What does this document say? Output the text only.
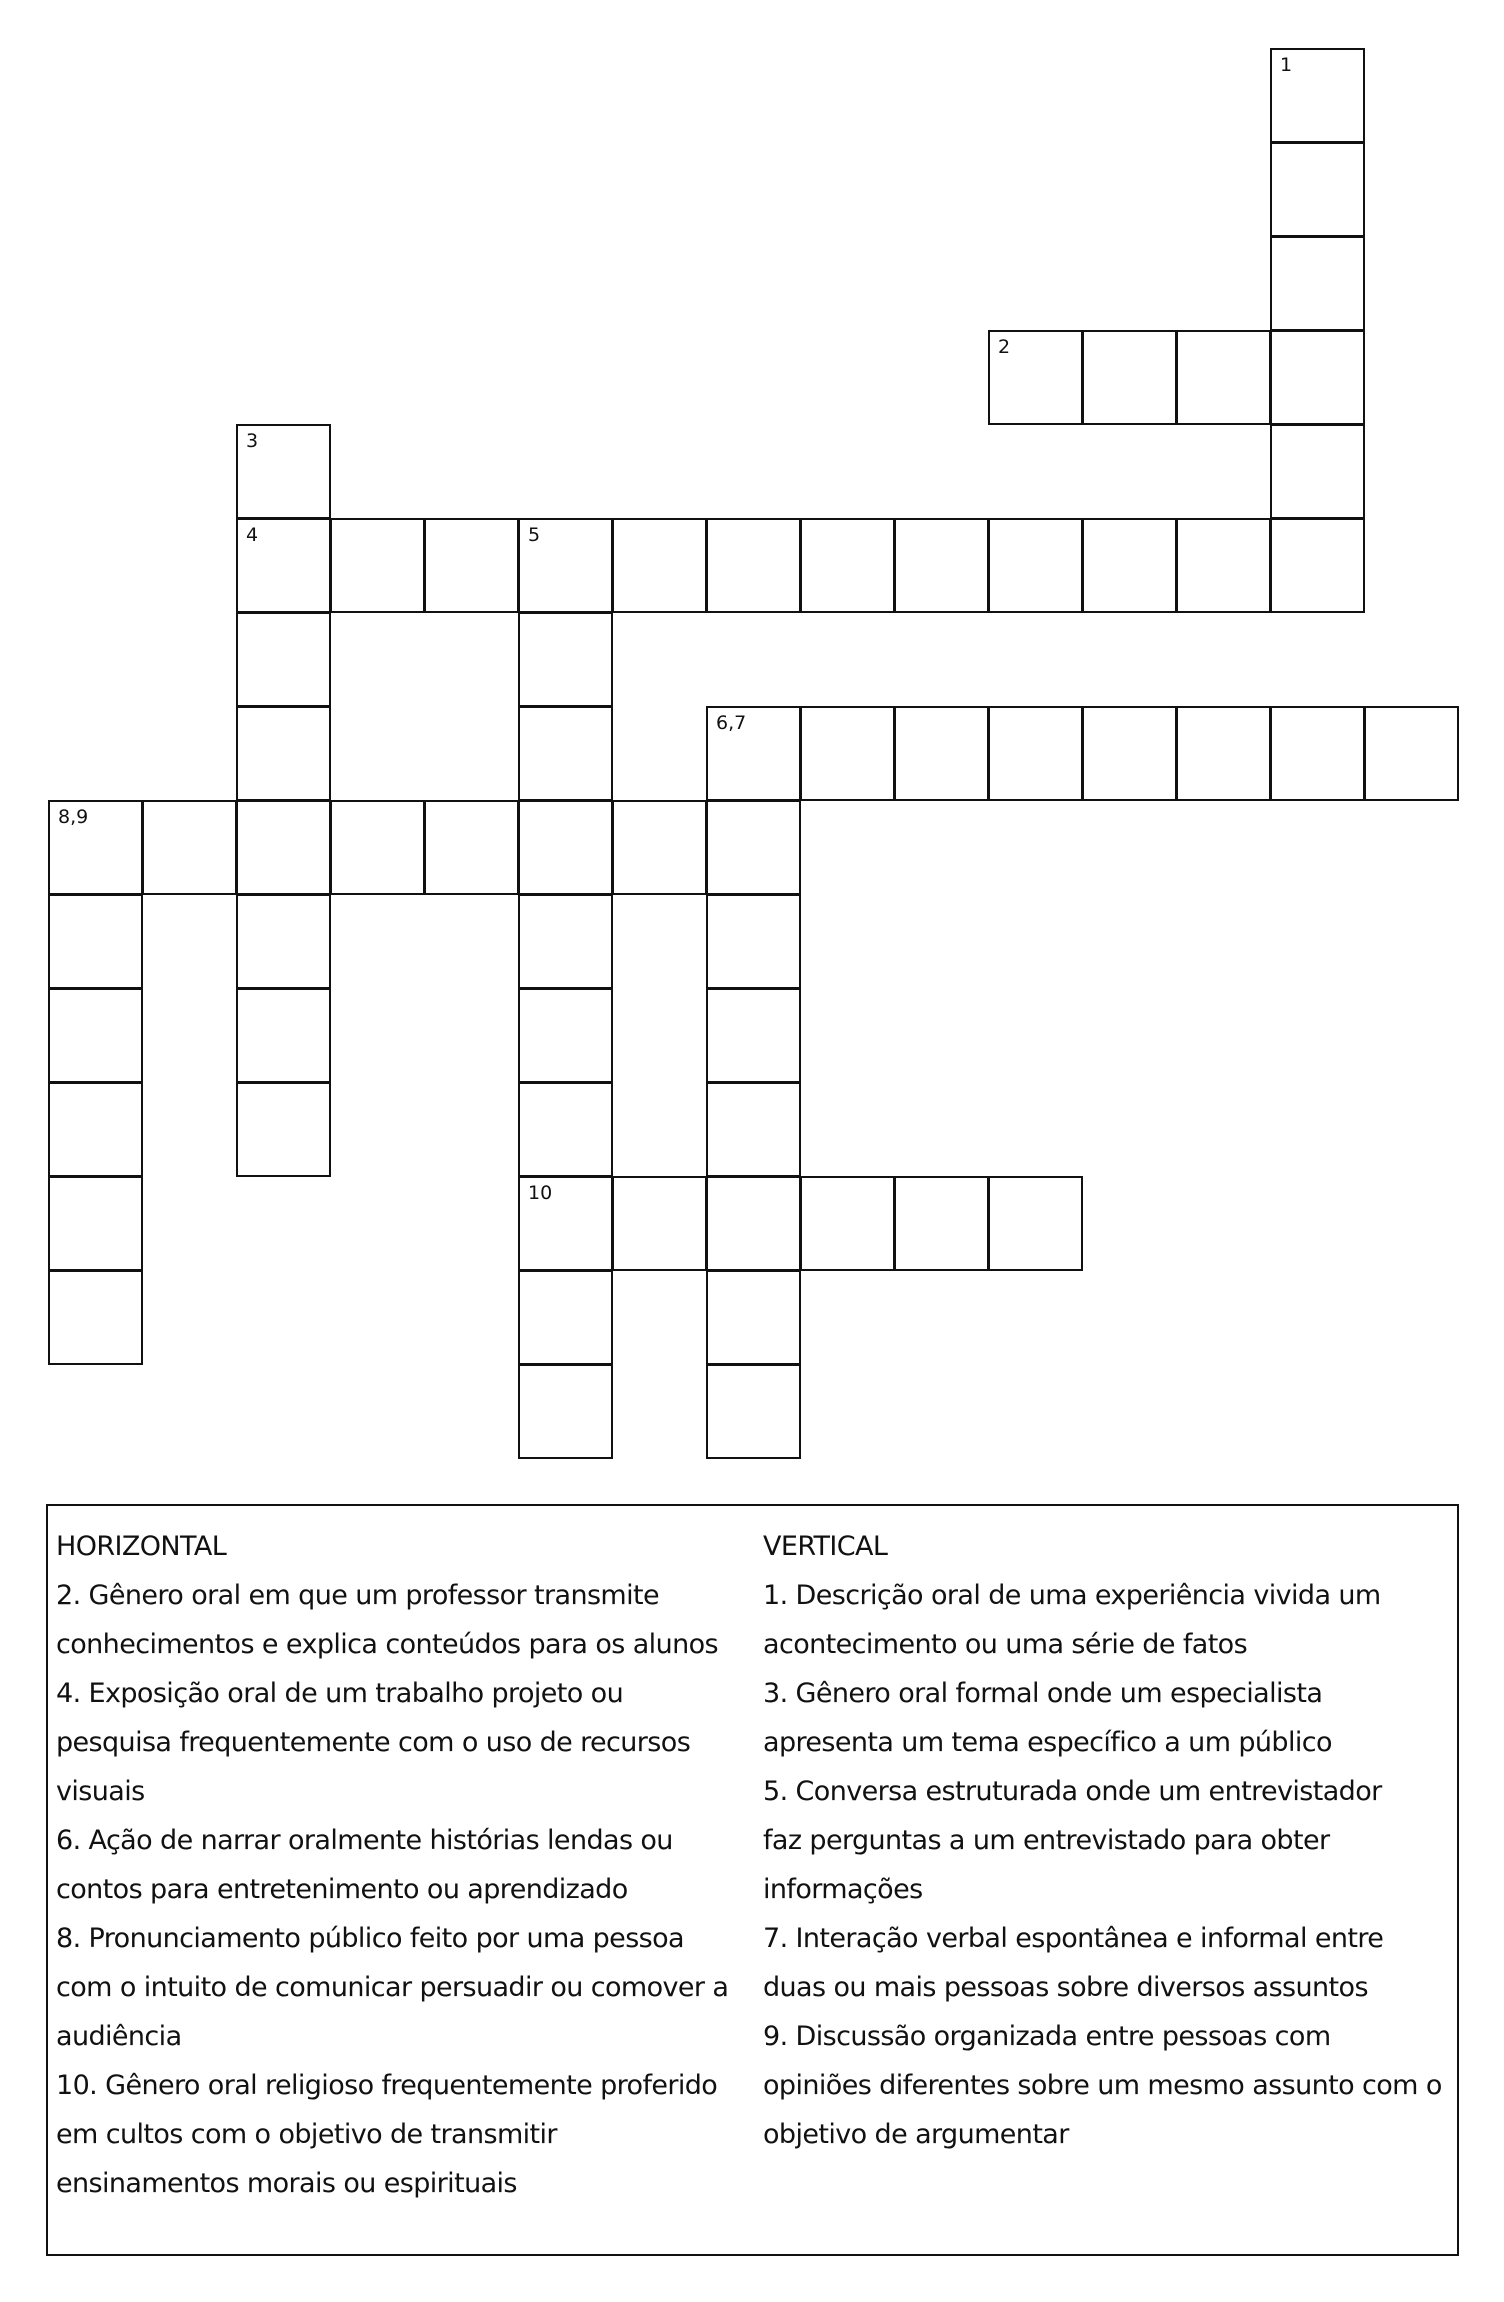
1
2
3
4	5
10
6,7
8,9
HORIZONTAL
2. Gênero oral em que um professor transmite
conhecimentos e explica conteúdos para os alunos
4. Exposição oral de um trabalho projeto ou
pesquisa frequentemente com o uso de recursos
visuais
6. Ação de narrar oralmente histórias lendas ou
contos para entretenimento ou aprendizado
8. Pronunciamento público feito por uma pessoa
com o intuito de comunicar persuadir ou comover a
audiência
10. Gênero oral religioso frequentemente proferido
em cultos com o objetivo de transmitir
ensinamentos morais ou espirituais
VERTICAL
1. Descrição oral de uma experiência vivida um
acontecimento ou uma série de fatos
3. Gênero oral formal onde um especialista
apresenta um tema específico a um público
5. Conversa estruturada onde um entrevistador
faz perguntas a um entrevistado para obter
informações
7. Interação verbal espontânea e informal entre
duas ou mais pessoas sobre diversos assuntos
9. Discussão organizada entre pessoas com
opiniões diferentes sobre um mesmo assunto com o
objetivo de argumentar
